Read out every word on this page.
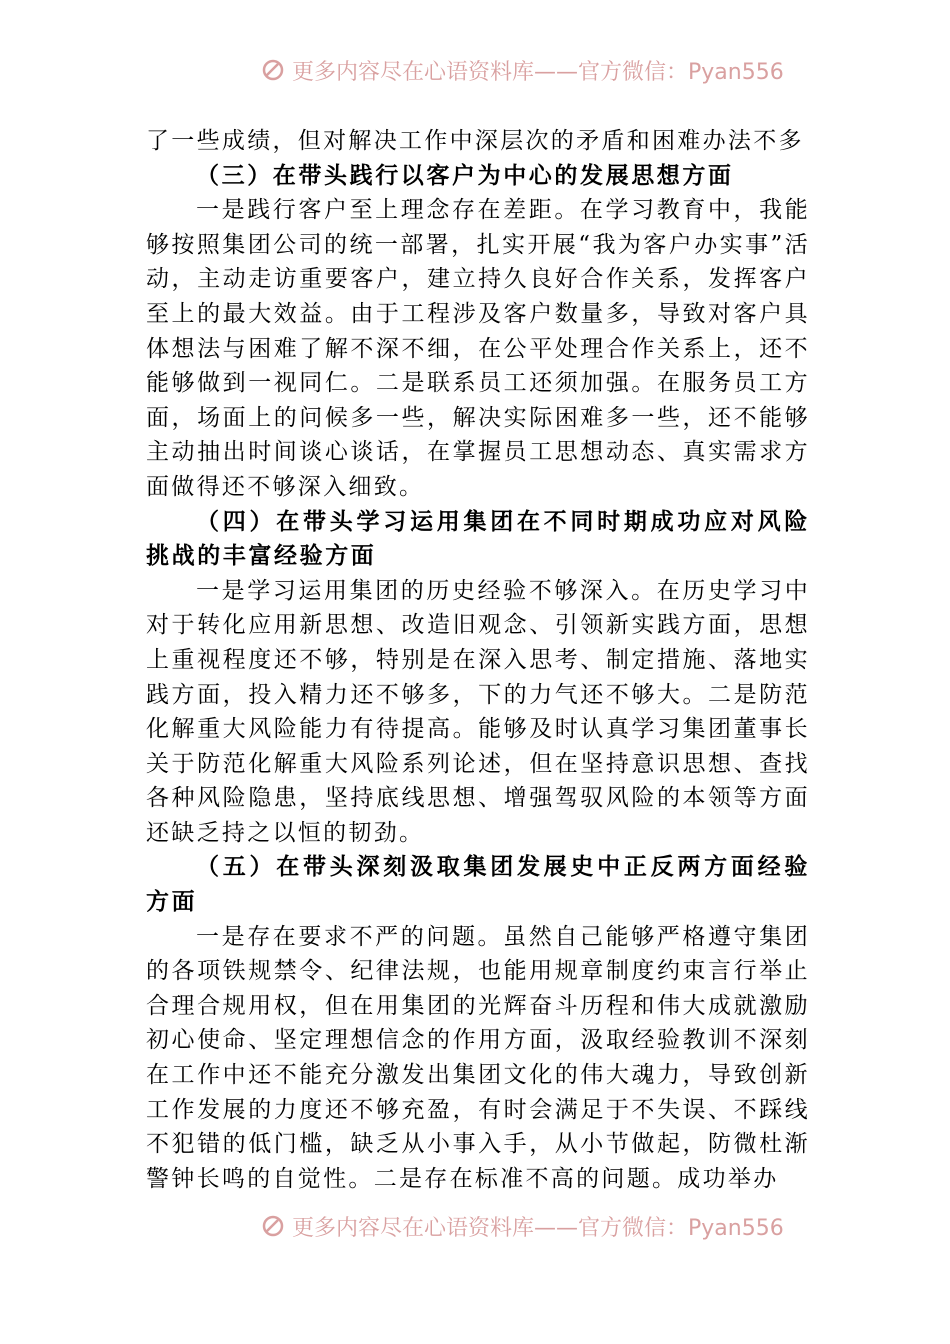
更多内容尽在心语资料库——官方微信：Pyan556

了一些成绩，但对解决工作中深层次的矛盾和困难办法不多

（三）在带头践行以客户为中心的发展思想方面

一是践行客户至上理念存在差距。在学习教育中，我能够按照集团公司的统一部署，扎实开展“我为客户办实事”活动，主动走访重要客户，建立持久良好合作关系，发挥客户至上的最大效益。由于工程涉及客户数量多，导致对客户具体想法与困难了解不深不细，在公平处理合作关系上，还不能够做到一视同仁。二是联系员工还须加强。在服务员工方面，场面上的问候多一些，解决实际困难多一些，还不能够主动抽出时间谈心谈话，在掌握员工思想动态、真实需求方面做得还不够深入细致。

（四）在带头学习运用集团在不同时期成功应对风险挑战的丰富经验方面

一是学习运用集团的历史经验不够深入。在历史学习中对于转化应用新思想、改造旧观念、引领新实践方面，思想上重视程度还不够，特别是在深入思考、制定措施、落地实践方面，投入精力还不够多，下的力气还不够大。二是防范化解重大风险能力有待提高。能够及时认真学习集团董事长关于防范化解重大风险系列论述，但在坚持意识思想、查找各种风险隐患，坚持底线思想、增强驾驭风险的本领等方面还缺乏持之以恒的韧劲。

（五）在带头深刻汲取集团发展史中正反两方面经验方面

一是存在要求不严的问题。虽然自己能够严格遵守集团的各项铁规禁令、纪律法规，也能用规章制度约束言行举止合理合规用权，但在用集团的光辉奋斗历程和伟大成就激励初心使命、坚定理想信念的作用方面，汲取经验教训不深刻在工作中还不能充分激发出集团文化的伟大魂力，导致创新工作发展的力度还不够充盈，有时会满足于不失误、不踩线不犯错的低门槛，缺乏从小事入手，从小节做起，防微杜渐警钟长鸣的自觉性。二是存在标准不高的问题。成功举办

更多内容尽在心语资料库——官方微信：Pyan556
